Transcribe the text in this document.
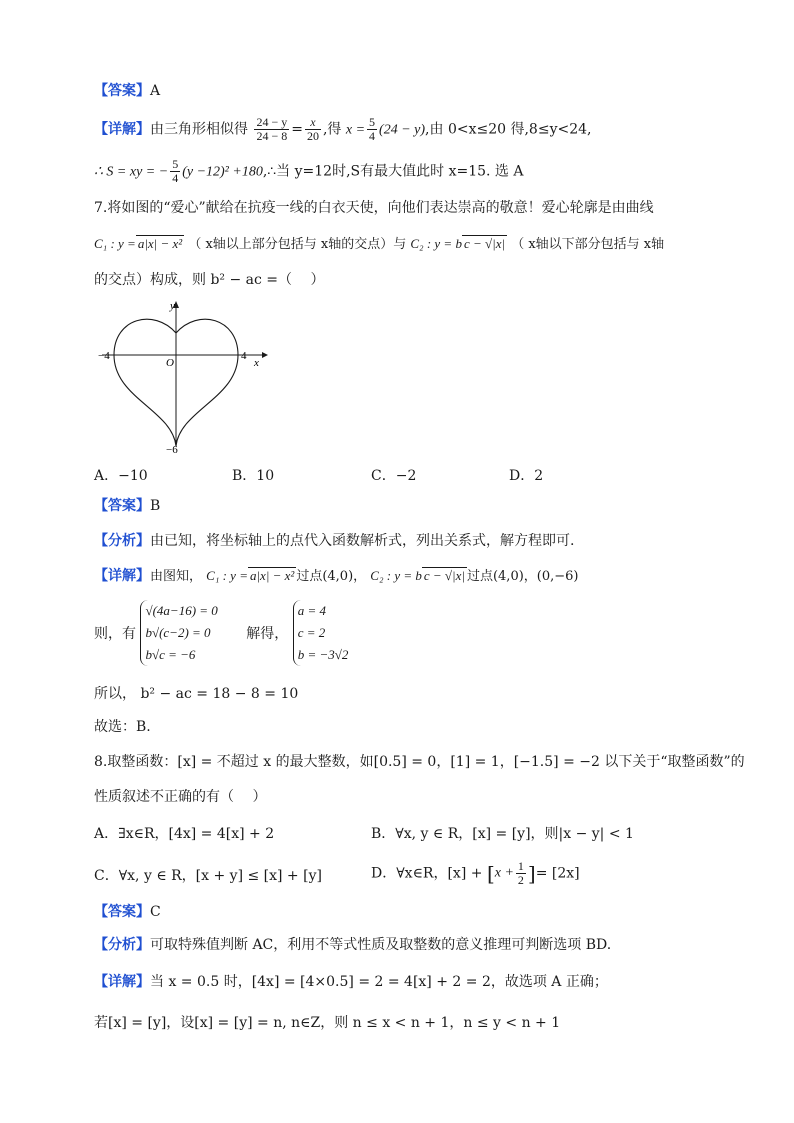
【答案】A
【详解】由三角形相似得 $\frac{24 - y}{24 - 8} = \frac{x}{20}$ ,得 $x = \frac{5}{4} (24 - y)$,由 0<x≤20 得,8≤y<24,
∴ S = xy = − $\frac{5}{4} (y -12)^2$ +180,∴当 y=12时,S有最大值此时 x=15. 选 A
7.将如图的“爱心”献给在抗疫一线的白衣天使，向他们表达崇高的敬意！爱心轮廓是由曲线
C₁ : y = a|x| − x² （ x轴以上部分包括与 x轴的交点）与 C₂ : y = b c − √|x| （ x轴以下部分包括与 x轴
的交点）构成，则 b² − ac =（　 ）
y
x
O
−4	4
−6
A．−10	B．10	C．−2	D．2
【答案】B
【分析】由已知，将坐标轴上的点代入函数解析式，列出关系式，解方程即可.
【详解】由图知， C₁ : y = a|x| − x² 过点(4,0)， C₂ : y = b c − √|x| 过点(4,0)，(0,−6)
则，有
√(4a−16) = 0
b√(c−2) = 0
b√c = −6
解得，
a = 4
c = 2
b = −3√2
所以， b² − ac = 18 − 8 = 10
故选：B.
8.取整函数：[x] = 不超过 x 的最大整数，如[0.5] = 0，[1] = 1，[−1.5] = −2 以下关于“取整函数”的
性质叙述不正确的有（　 ）
A．∃x∈R，[4x] = 4[x] + 2	B．∀x, y ∈ R，[x] = [y]，则|x − y| < 1
C．∀x, y ∈ R，[x + y] ≤ [x] + [y]	D．∀x∈R，$[x] + [x + \frac{1}{2}$ ]= [2x]
【答案】C
【分析】可取特殊值判断 AC，利用不等式性质及取整数的意义推理可判断选项 BD.
【详解】当 x = 0.5 时，[4x] = [4×0.5] = 2 = 4[x] + 2 = 2，故选项 A 正确；
若[x] = [y]，设[x] = [y] = n, n∈Z，则 n ≤ x < n + 1，n ≤ y < n + 1
